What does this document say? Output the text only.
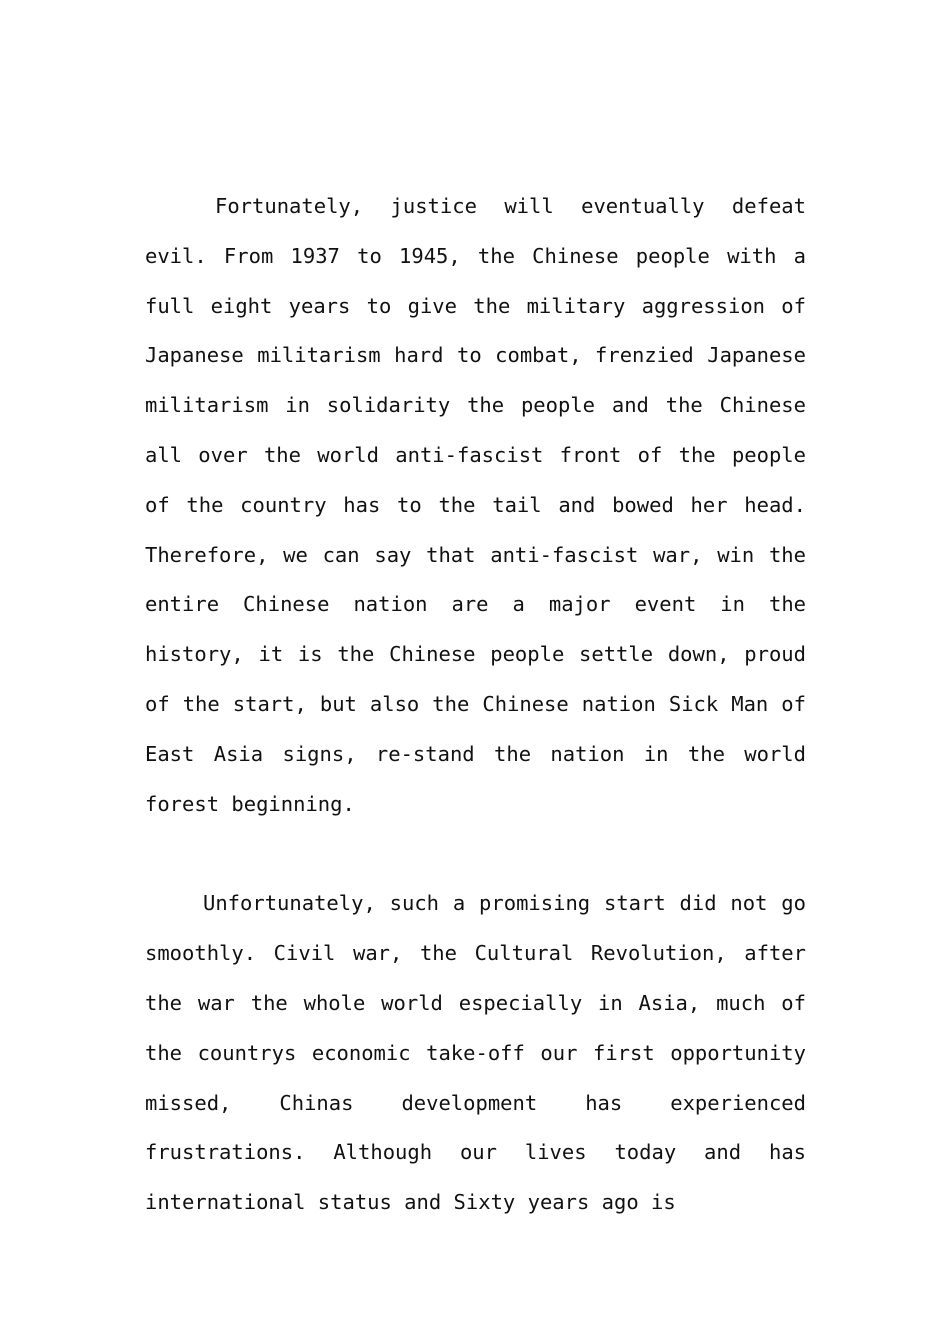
Fortunately, justice will eventually defeat evil. From 1937 to 1945, the Chinese people with a full eight years to give the military aggression of Japanese militarism hard to combat, frenzied Japanese militarism in solidarity the people and the Chinese all over the world anti-fascist front of the people of the country has to the tail and bowed her head. Therefore, we can say that anti-fascist war, win the entire Chinese nation are a major event in the history, it is the Chinese people settle down, proud of the start, but also the Chinese nation Sick Man of East Asia signs, re-stand the nation in the world forest beginning.

Unfortunately, such a promising start did not go smoothly. Civil war, the Cultural Revolution, after the war the whole world especially in Asia, much of the countrys economic take-off our first opportunity missed, Chinas development has experienced frustrations. Although our lives today and has international status and Sixty years ago is
